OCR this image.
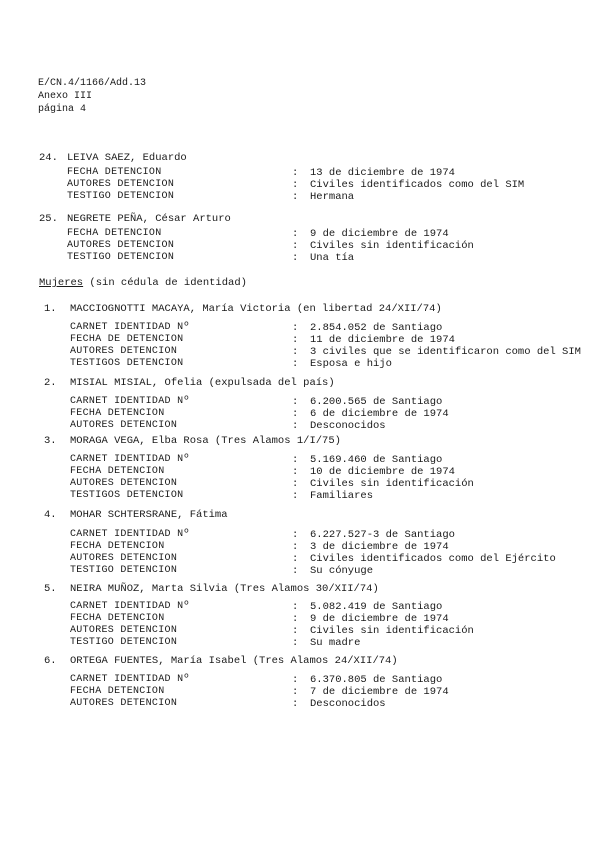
E/CN.4/1166/Add.13
Anexo III
página 4
24. LEIVA SAEZ, Eduardo
FECHA DETENCION	: 13 de diciembre de 1974
AUTORES DETENCION	: Civiles identificados como del SIM
TESTIGO DETENCION	: Hermana
25. NEGRETE PEÑA, César Arturo
FECHA DETENCION	: 9 de diciembre de 1974
AUTORES DETENCION	: Civiles sin identificación
TESTIGO DETENCION	: Una tía
Mujeres (sin cédula de identidad)
1. MACCIOGNOTTI MACAYA, María Victoria (en libertad 24/XII/74)
CARNET IDENTIDAD Nº	: 2.854.052 de Santiago
FECHA DE DETENCION	: 11 de diciembre de 1974
AUTORES DETENCION	: 3 civiles que se identificaron como del SIM
TESTIGOS DETENCION	: Esposa e hijo
2. MISIAL MISIAL, Ofelia (expulsada del país)
CARNET IDENTIDAD Nº	: 6.200.565 de Santiago
FECHA DETENCION	: 6 de diciembre de 1974
AUTORES DETENCION	: Desconocidos
3. MORAGA VEGA, Elba Rosa (Tres Alamos 1/I/75)
CARNET IDENTIDAD Nº	: 5.169.460 de Santiago
FECHA DETENCION	: 10 de diciembre de 1974
AUTORES DETENCION	: Civiles sin identificación
TESTIGOS DETENCION	: Familiares
4. MOHAR SCHTERSRANE, Fátima
CARNET IDENTIDAD Nº	: 6.227.527-3 de Santiago
FECHA DETENCION	: 3 de diciembre de 1974
AUTORES DETENCION	: Civiles identificados como del Ejército
TESTIGO DETENCION	: Su cónyuge
5. NEIRA MUÑOZ, Marta Silvia (Tres Alamos 30/XII/74)
CARNET IDENTIDAD Nº	: 5.082.419 de Santiago
FECHA DETENCION	: 9 de diciembre de 1974
AUTORES DETENCION	: Civiles sin identificación
TESTIGO DETENCION	: Su madre
6. ORTEGA FUENTES, María Isabel (Tres Alamos 24/XII/74)
CARNET IDENTIDAD Nº	: 6.370.805 de Santiago
FECHA DETENCION	: 7 de diciembre de 1974
AUTORES DETENCION	: Desconocidos
